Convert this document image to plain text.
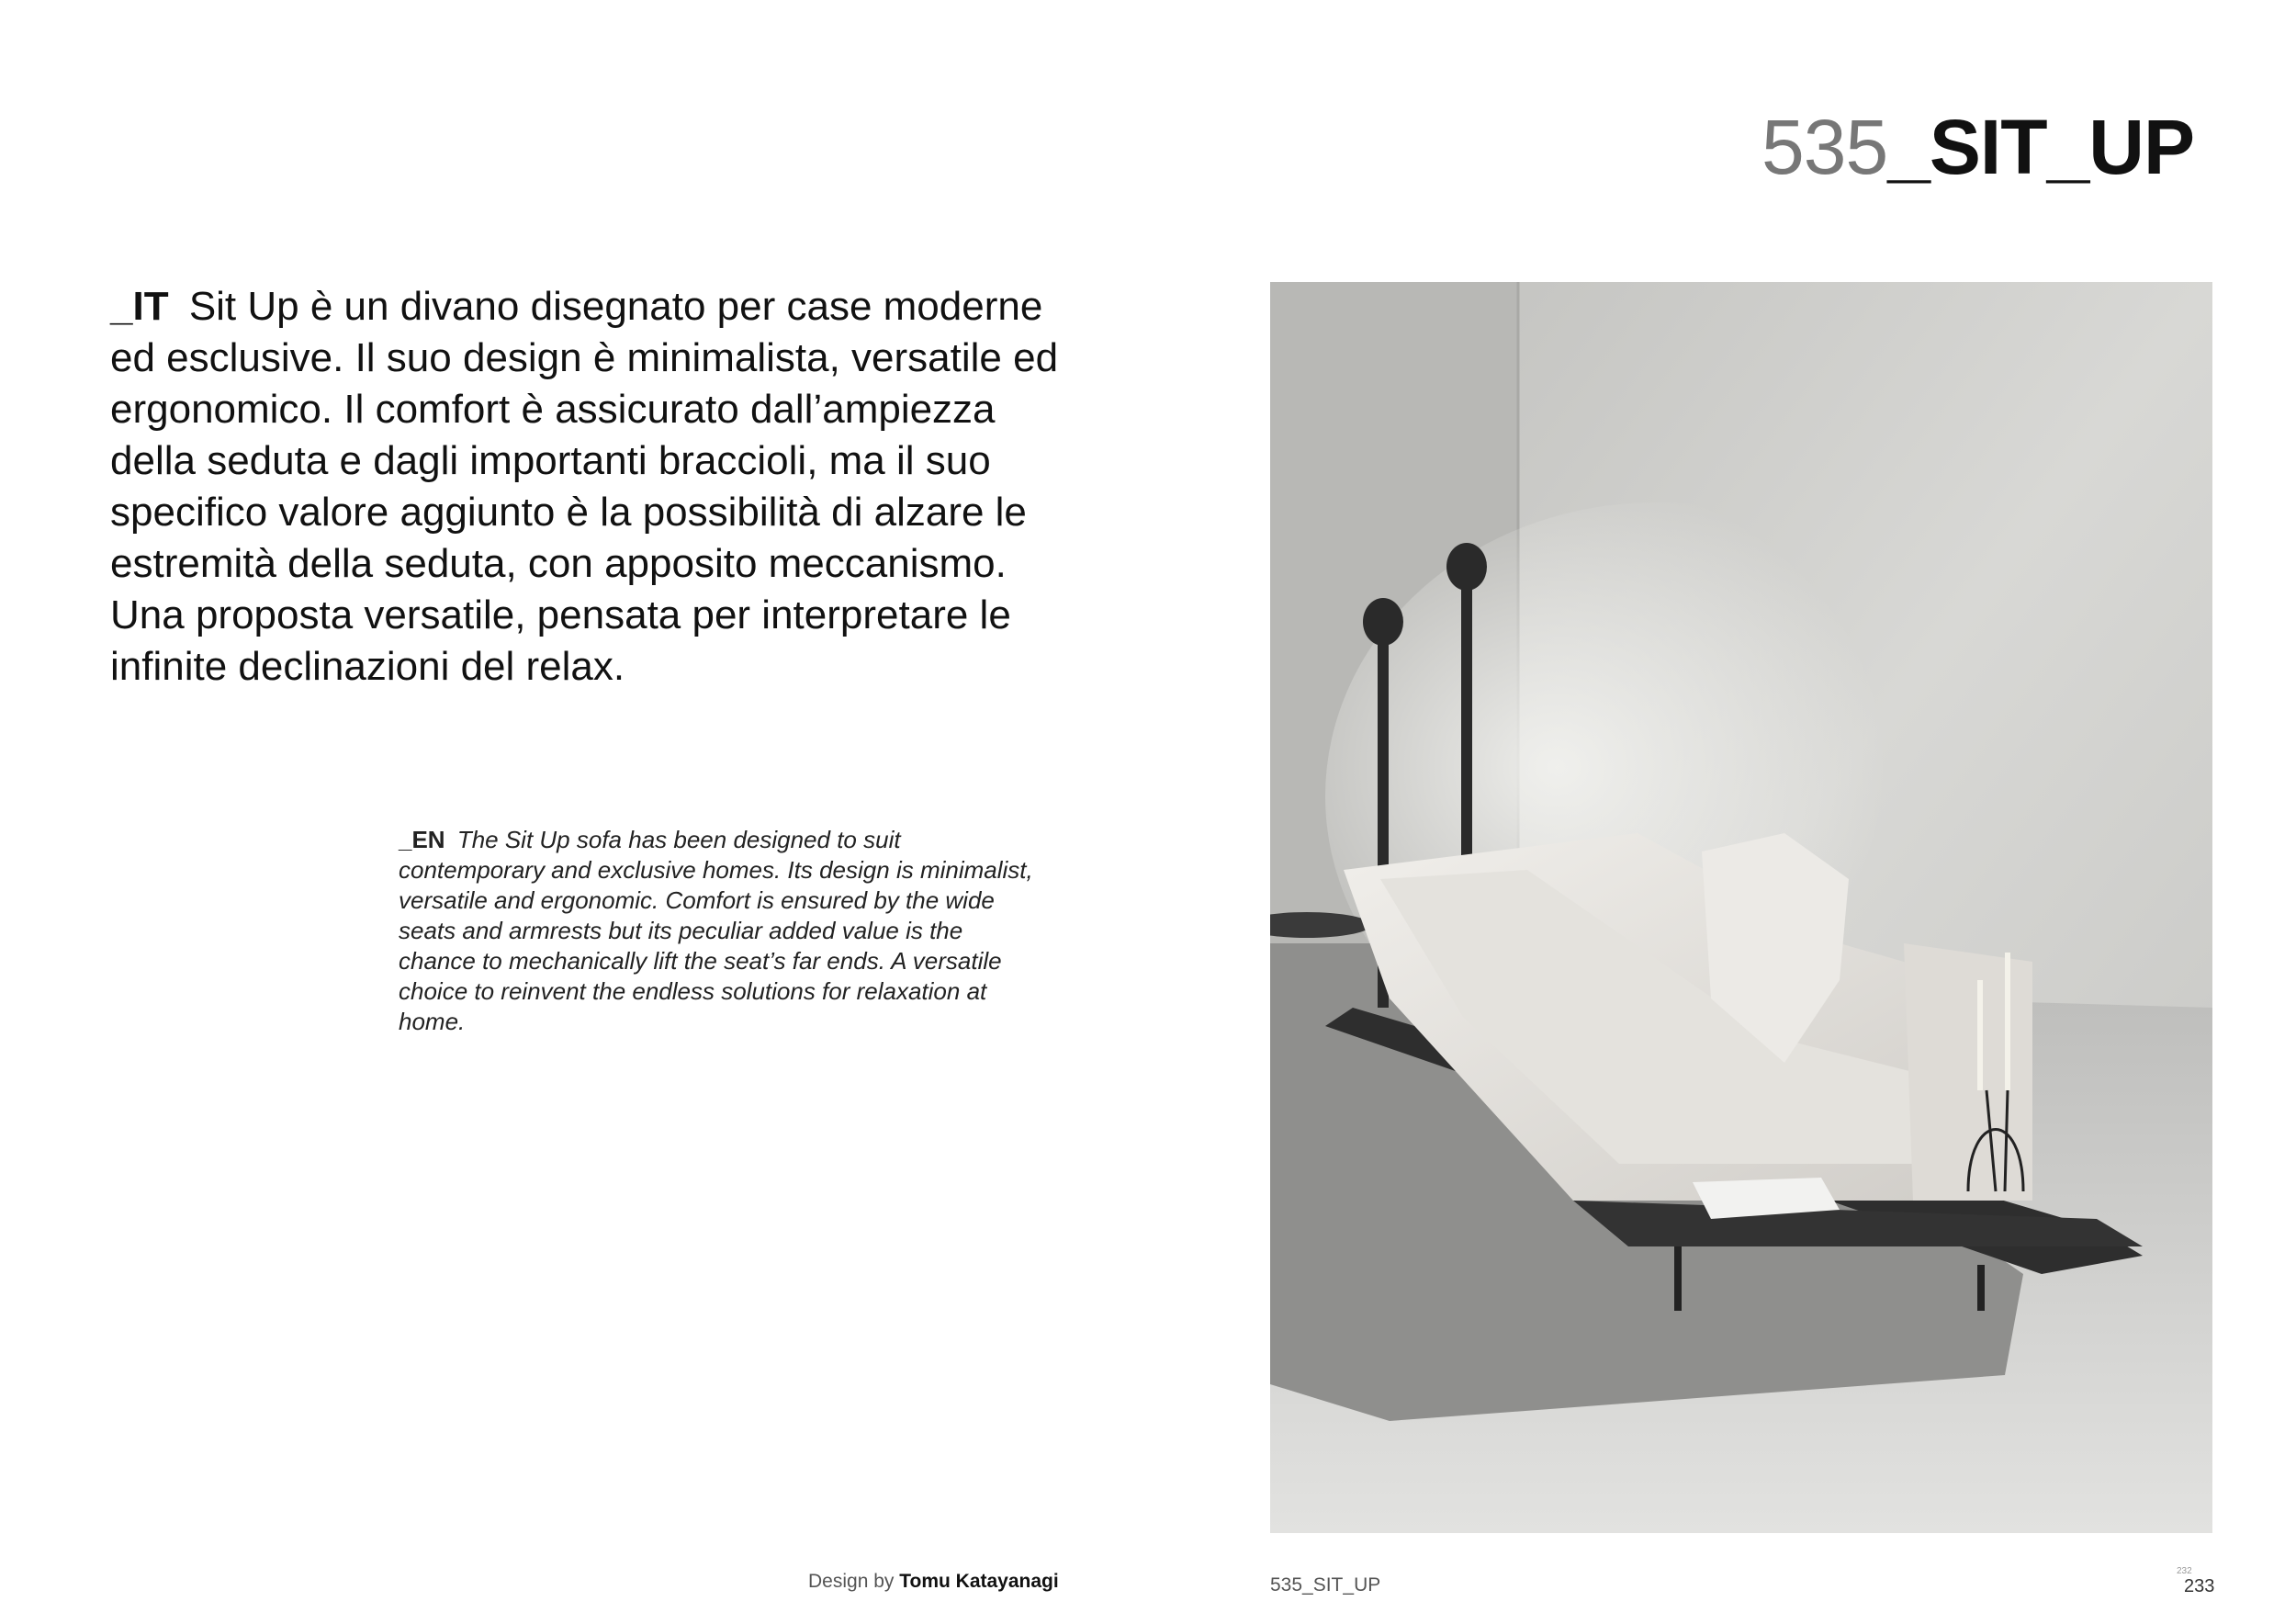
535_SIT_UP
_IT Sit Up è un divano disegnato per case moderne ed esclusive. Il suo design è minimalista, versatile ed ergonomico. Il comfort è assicurato dall’ampiezza della seduta e dagli importanti braccioli, ma il suo specifico valore aggiunto è la possibilità di alzare le estremità della seduta, con apposito meccanismo. Una proposta versatile, pensata per interpretare le infinite declinazioni del relax.
_EN The Sit Up sofa has been designed to suit contemporary and exclusive homes. Its design is minimalist, versatile and ergonomic. Comfort is ensured by the wide seats and armrests but its peculiar added value is the chance to mechanically lift the seat’s far ends. A versatile choice to reinvent the endless solutions for relaxation at home.
Design by Tomu Katayanagi	535_SIT_UP
232
233
